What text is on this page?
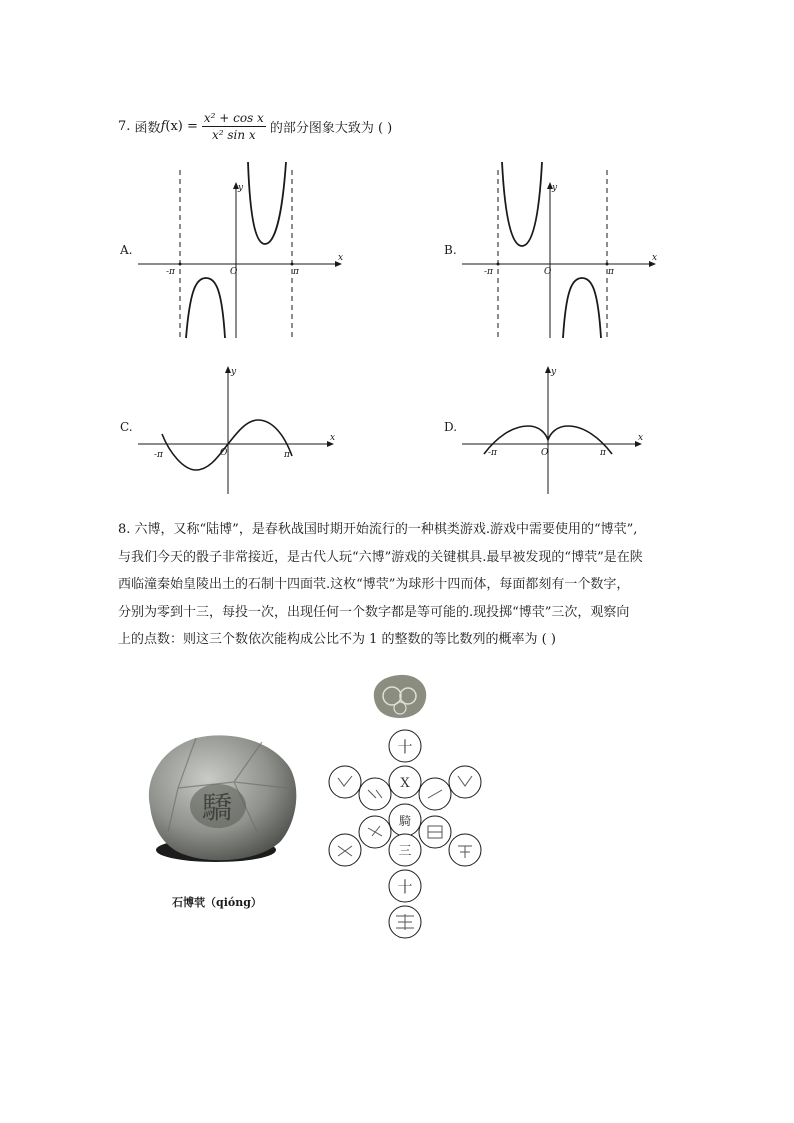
7.
函数 f $(x) = \frac{\text{x² + cos x}}{\text{x² sin x}}$ 的部分图象大致为 ( )
A.
y
x
O
-π	π
B.
y
x
O
-π	π
C.
y
x
O
-π	π
D.
y
x
O
-π	π
8. 六博，又称“陆博”，是春秋战国时期开始流行的一种棋类游戏.游戏中需要使用的“博茕”,
与我们今天的骰子非常接近，是古代人玩“六博”游戏的关键棋具.最早被发现的“博茕”是在陕
西临潼秦始皇陵出土的石制十四面茕.这枚“博茕”为球形十四而体，每面都刻有一个数字，
分别为零到十三，每投一次，出现任何一个数字都是等可能的.现投掷“博茕”三次，观察向
上的点数：则这三个数依次能构成公比不为 1 的整数的等比数列的概率为 ( )
驕
石博茕（qióng）
十
X
騎
三
十
